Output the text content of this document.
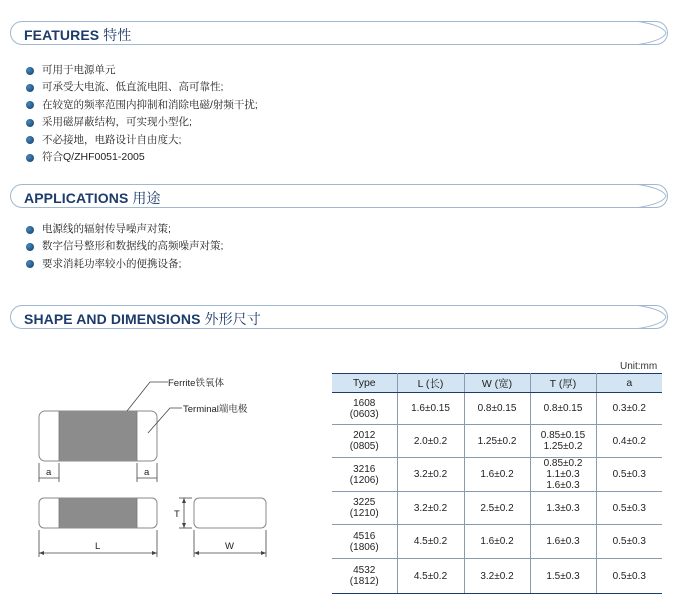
FEATURES 特性
可用于电源单元
可承受大电流、低直流电阻、高可靠性;
在较宽的频率范围内抑制和消除电磁/射频干扰;
采用磁屏蔽结构，可实现小型化;
不必接地，电路设计自由度大;
符合Q/ZHF0051-2005
APPLICATIONS 用途
电源线的辐射传导噪声对策;
数字信号整形和数据线的高频噪声对策;
要求消耗功率较小的便携设备;
SHAPE AND DIMENSIONS 外形尺寸
Ferrite铁氧体
Terminal端电极
a	a
L
T
W
Unit:mm
Type	L (长)	W (宽)	T (厚)	a

1608
(0603)	1.6±0.15	0.8±0.15	0.8±0.15	0.3±0.2

2012
(0805)	2.0±0.2	1.25±0.2	0.85±0.15
1.25±0.2	0.4±0.2

3216
(1206)	3.2±0.2	1.6±0.2	0.85±0.2
1.1±0.3
1.6±0.3	0.5±0.3

3225
(1210)	3.2±0.2	2.5±0.2	1.3±0.3	0.5±0.3

4516
(1806)	4.5±0.2	1.6±0.2	1.6±0.3	0.5±0.3

4532
(1812)	4.5±0.2	3.2±0.2	1.5±0.3	0.5±0.3
